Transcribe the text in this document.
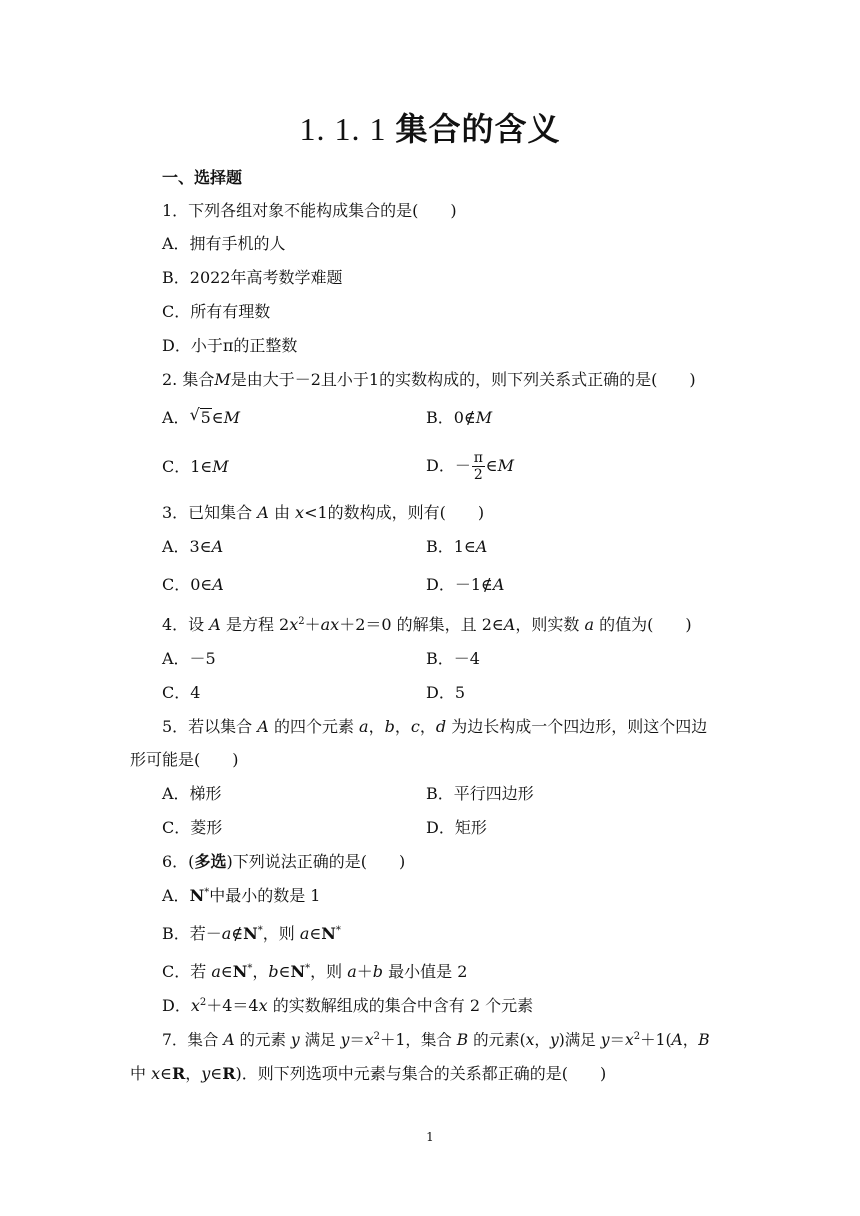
1. 1. 1 集合的含义
一、选择题
1．下列各组对象不能构成集合的是(　　)
A．拥有手机的人
B．2022年高考数学难题
C．所有有理数
D．小于π的正整数
2. 集合M是由大于－2且小于1的实数构成的，则下列关系式正确的是(　　)
A． √ 5∈M	B．0∉M
C．1∈M	D．－ $\frac{\pi}{2}$ ∈M
3．已知集合 A 由 x<1的数构成，则有(　　)
A．3∈A	B．1∈A
C．0∈A	D．－1∉A
4．设 A 是方程 $2x^2+ax+2=0$ 的解集，且 2∈A，则实数 a 的值为(　　)
A．－5	B．－4
C．4	D．5
5．若以集合 A 的四个元素 a，b，c，d 为边长构成一个四边形，则这个四边
形可能是(　　)
A．梯形	B．平行四边形
C．菱形	D．矩形
6．(多选)下列说法正确的是(　　)
A．N*中最小的数是 1
B．若－a∉N*，则 a∈N*
C．若 a∈N*，b∈N*，则 a＋b 最小值是 2
D．$x^2+4=4x$ 的实数解组成的集合中含有 2 个元素
7．集合 A 的元素 y 满足 $y=x^2+1$，集合 B 的元素(x，y)满足 $y=x^2+1(A$，B
中 x∈R，y∈R)．则下列选项中元素与集合的关系都正确的是(　　)
1
